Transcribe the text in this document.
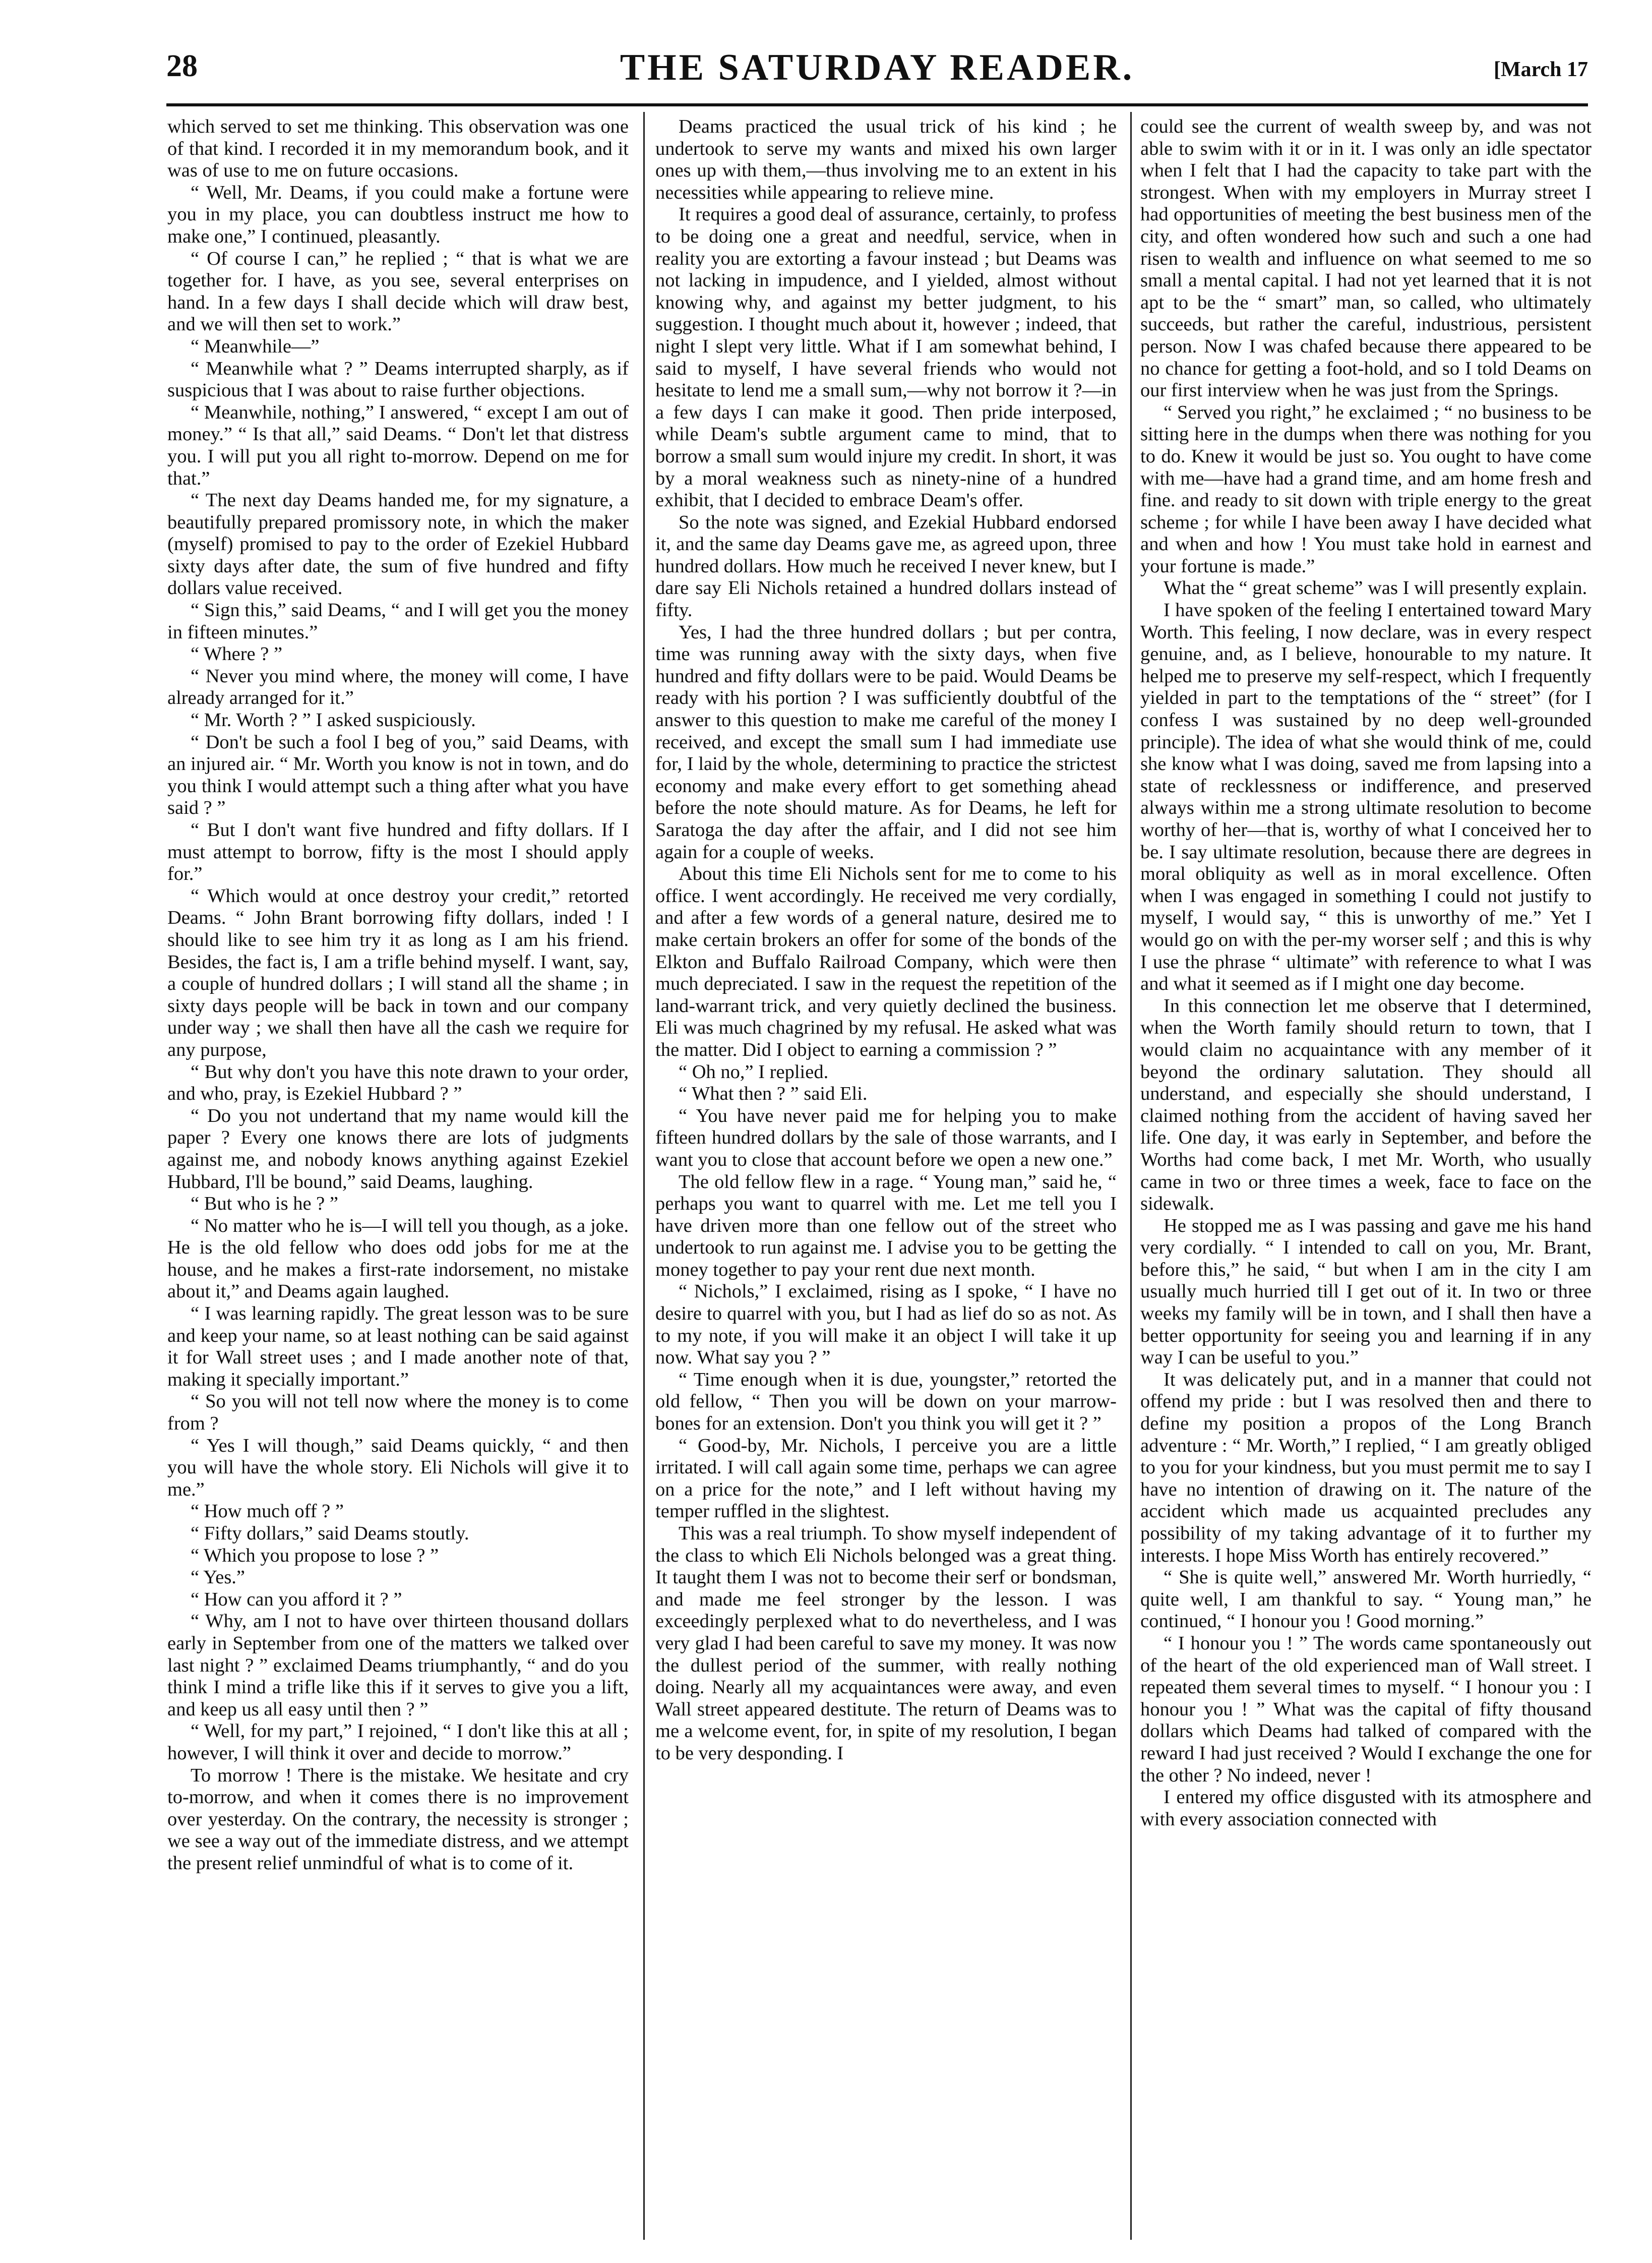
28	THE SATURDAY READER.	[March 17

which served to set me thinking. This observation was one of that kind. I recorded it in my memorandum book, and it was of use to me on future occasions.

“ Well, Mr. Deams, if you could make a fortune were you in my place, you can doubtless instruct me how to make one,” I continued, pleasantly.

“ Of course I can,” he replied ; “ that is what we are together for. I have, as you see, several enterprises on hand. In a few days I shall decide which will draw best, and we will then set to work.”

“ Meanwhile—”

“ Meanwhile what ? ” Deams interrupted sharply, as if suspicious that I was about to raise further objections.

“ Meanwhile, nothing,” I answered, “ except I am out of money.” “ Is that all,” said Deams. “ Don't let that distress you. I will put you all right to-morrow. Depend on me for that.”

“ The next day Deams handed me, for my signature, a beautifully prepared promissory note, in which the maker (myself) promised to pay to the order of Ezekiel Hubbard sixty days after date, the sum of five hundred and fifty dollars value received.

“ Sign this,” said Deams, “ and I will get you the money in fifteen minutes.”

“ Where ? ”

“ Never you mind where, the money will come, I have already arranged for it.”

“ Mr. Worth ? ” I asked suspiciously.

“ Don't be such a fool I beg of you,” said Deams, with an injured air. “ Mr. Worth you know is not in town, and do you think I would attempt such a thing after what you have said ? ”

“ But I don't want five hundred and fifty dollars. If I must attempt to borrow, fifty is the most I should apply for.”

“ Which would at once destroy your credit,” retorted Deams. “ John Brant borrowing fifty dollars, inded ! I should like to see him try it as long as I am his friend. Besides, the fact is, I am a trifle behind myself. I want, say, a couple of hundred dollars ; I will stand all the shame ; in sixty days people will be back in town and our company under way ; we shall then have all the cash we require for any purpose,

“ But why don't you have this note drawn to your order, and who, pray, is Ezekiel Hubbard ? ”

“ Do you not undertand that my name would kill the paper ? Every one knows there are lots of judgments against me, and nobody knows anything against Ezekiel Hubbard, I'll be bound,” said Deams, laughing.

“ But who is he ? ”

“ No matter who he is—I will tell you though, as a joke. He is the old fellow who does odd jobs for me at the house, and he makes a first-rate indorsement, no mistake about it,” and Deams again laughed.

“ I was learning rapidly. The great lesson was to be sure and keep your name, so at least nothing can be said against it for Wall street uses ; and I made another note of that, making it specially important.”

“ So you will not tell now where the money is to come from ?

“ Yes I will though,” said Deams quickly, “ and then you will have the whole story. Eli Nichols will give it to me.”

“ How much off ? ”

“ Fifty dollars,” said Deams stoutly.

“ Which you propose to lose ? ”

“ Yes.”

“ How can you afford it ? ”

“ Why, am I not to have over thirteen thousand dollars early in September from one of the matters we talked over last night ? ” exclaimed Deams triumphantly, “ and do you think I mind a trifle like this if it serves to give you a lift, and keep us all easy until then ? ”

“ Well, for my part,” I rejoined, “ I don't like this at all ; however, I will think it over and decide to morrow.”

To morrow ! There is the mistake. We hesitate and cry to-morrow, and when it comes there is no improvement over yesterday. On the contrary, the necessity is stronger ; we see a way out of the immediate distress, and we attempt the present relief unmindful of what is to come of it.

Deams practiced the usual trick of his kind ; he undertook to serve my wants and mixed his own larger ones up with them,—thus involving me to an extent in his necessities while appearing to relieve mine.

It requires a good deal of assurance, certainly, to profess to be doing one a great and needful, service, when in reality you are extorting a favour instead ; but Deams was not lacking in impudence, and I yielded, almost without knowing why, and against my better judgment, to his suggestion. I thought much about it, however ; indeed, that night I slept very little. What if I am somewhat behind, I said to myself, I have several friends who would not hesitate to lend me a small sum,—why not borrow it ?—in a few days I can make it good. Then pride interposed, while Deam's subtle argument came to mind, that to borrow a small sum would injure my credit. In short, it was by a moral weakness such as ninety-nine of a hundred exhibit, that I decided to embrace Deam's offer.

So the note was signed, and Ezekial Hubbard endorsed it, and the same day Deams gave me, as agreed upon, three hundred dollars. How much he received I never knew, but I dare say Eli Nichols retained a hundred dollars instead of fifty.

Yes, I had the three hundred dollars ; but per contra, time was running away with the sixty days, when five hundred and fifty dollars were to be paid. Would Deams be ready with his portion ? I was sufficiently doubtful of the answer to this question to make me careful of the money I received, and except the small sum I had immediate use for, I laid by the whole, determining to practice the strictest economy and make every effort to get something ahead before the note should mature. As for Deams, he left for Saratoga the day after the affair, and I did not see him again for a couple of weeks.

About this time Eli Nichols sent for me to come to his office. I went accordingly. He received me very cordially, and after a few words of a general nature, desired me to make certain brokers an offer for some of the bonds of the Elkton and Buffalo Railroad Company, which were then much depreciated. I saw in the request the repetition of the land-warrant trick, and very quietly declined the business. Eli was much chagrined by my refusal. He asked what was the matter. Did I object to earning a commission ? ”

“ Oh no,” I replied.

“ What then ? ” said Eli.

“ You have never paid me for helping you to make fifteen hundred dollars by the sale of those warrants, and I want you to close that account before we open a new one.”

The old fellow flew in a rage. “ Young man,” said he, “ perhaps you want to quarrel with me. Let me tell you I have driven more than one fellow out of the street who undertook to run against me. I advise you to be getting the money together to pay your rent due next month.

“ Nichols,” I exclaimed, rising as I spoke, “ I have no desire to quarrel with you, but I had as lief do so as not. As to my note, if you will make it an object I will take it up now. What say you ? ”

“ Time enough when it is due, youngster,” retorted the old fellow, “ Then you will be down on your marrow-bones for an extension. Don't you think you will get it ? ”

“ Good-by, Mr. Nichols, I perceive you are a little irritated. I will call again some time, perhaps we can agree on a price for the note,” and I left without having my temper ruffled in the slightest.

This was a real triumph. To show myself independent of the class to which Eli Nichols belonged was a great thing. It taught them I was not to become their serf or bondsman, and made me feel stronger by the lesson. I was exceedingly perplexed what to do nevertheless, and I was very glad I had been careful to save my money. It was now the dullest period of the summer, with really nothing doing. Nearly all my acquaintances were away, and even Wall street appeared destitute. The return of Deams was to me a welcome event, for, in spite of my resolution, I began to be very desponding. I

could see the current of wealth sweep by, and was not able to swim with it or in it. I was only an idle spectator when I felt that I had the capacity to take part with the strongest. When with my employers in Murray street I had opportunities of meeting the best business men of the city, and often wondered how such and such a one had risen to wealth and influence on what seemed to me so small a mental capital. I had not yet learned that it is not apt to be the “ smart” man, so called, who ultimately succeeds, but rather the careful, industrious, persistent person. Now I was chafed because there appeared to be no chance for getting a foot-hold, and so I told Deams on our first interview when he was just from the Springs.

“ Served you right,” he exclaimed ; “ no business to be sitting here in the dumps when there was nothing for you to do. Knew it would be just so. You ought to have come with me—have had a grand time, and am home fresh and fine. and ready to sit down with triple energy to the great scheme ; for while I have been away I have decided what and when and how ! You must take hold in earnest and your fortune is made.”

What the “ great scheme” was I will presently explain.

I have spoken of the feeling I entertained toward Mary Worth. This feeling, I now declare, was in every respect genuine, and, as I believe, honourable to my nature. It helped me to preserve my self-respect, which I frequently yielded in part to the temptations of the “ street” (for I confess I was sustained by no deep well-grounded principle). The idea of what she would think of me, could she know what I was doing, saved me from lapsing into a state of recklessness or indifference, and preserved always within me a strong ultimate resolution to become worthy of her—that is, worthy of what I conceived her to be. I say ultimate resolution, because there are degrees in moral obliquity as well as in moral excellence. Often when I was engaged in something I could not justify to myself, I would say, “ this is unworthy of me.” Yet I would go on with the per-my worser self ; and this is why I use the phrase “ ultimate” with reference to what I was and what it seemed as if I might one day become.

In this connection let me observe that I determined, when the Worth family should return to town, that I would claim no acquaintance with any member of it beyond the ordinary salutation. They should all understand, and especially she should understand, I claimed nothing from the accident of having saved her life. One day, it was early in September, and before the Worths had come back, I met Mr. Worth, who usually came in two or three times a week, face to face on the sidewalk.

He stopped me as I was passing and gave me his hand very cordially. “ I intended to call on you, Mr. Brant, before this,” he said, “ but when I am in the city I am usually much hurried till I get out of it. In two or three weeks my family will be in town, and I shall then have a better opportunity for seeing you and learning if in any way I can be useful to you.”

It was delicately put, and in a manner that could not offend my pride : but I was resolved then and there to define my position a propos of the Long Branch adventure : “ Mr. Worth,” I replied, “ I am greatly obliged to you for your kindness, but you must permit me to say I have no intention of drawing on it. The nature of the accident which made us acquainted precludes any possibility of my taking advantage of it to further my interests. I hope Miss Worth has entirely recovered.”

“ She is quite well,” answered Mr. Worth hurriedly, “ quite well, I am thankful to say. “ Young man,” he continued, “ I honour you ! Good morning.”

“ I honour you ! ” The words came spontaneously out of the heart of the old experienced man of Wall street. I repeated them several times to myself. “ I honour you : I honour you ! ” What was the capital of fifty thousand dollars which Deams had talked of compared with the reward I had just received ? Would I exchange the one for the other ? No indeed, never !

I entered my office disgusted with its atmosphere and with every association connected with
